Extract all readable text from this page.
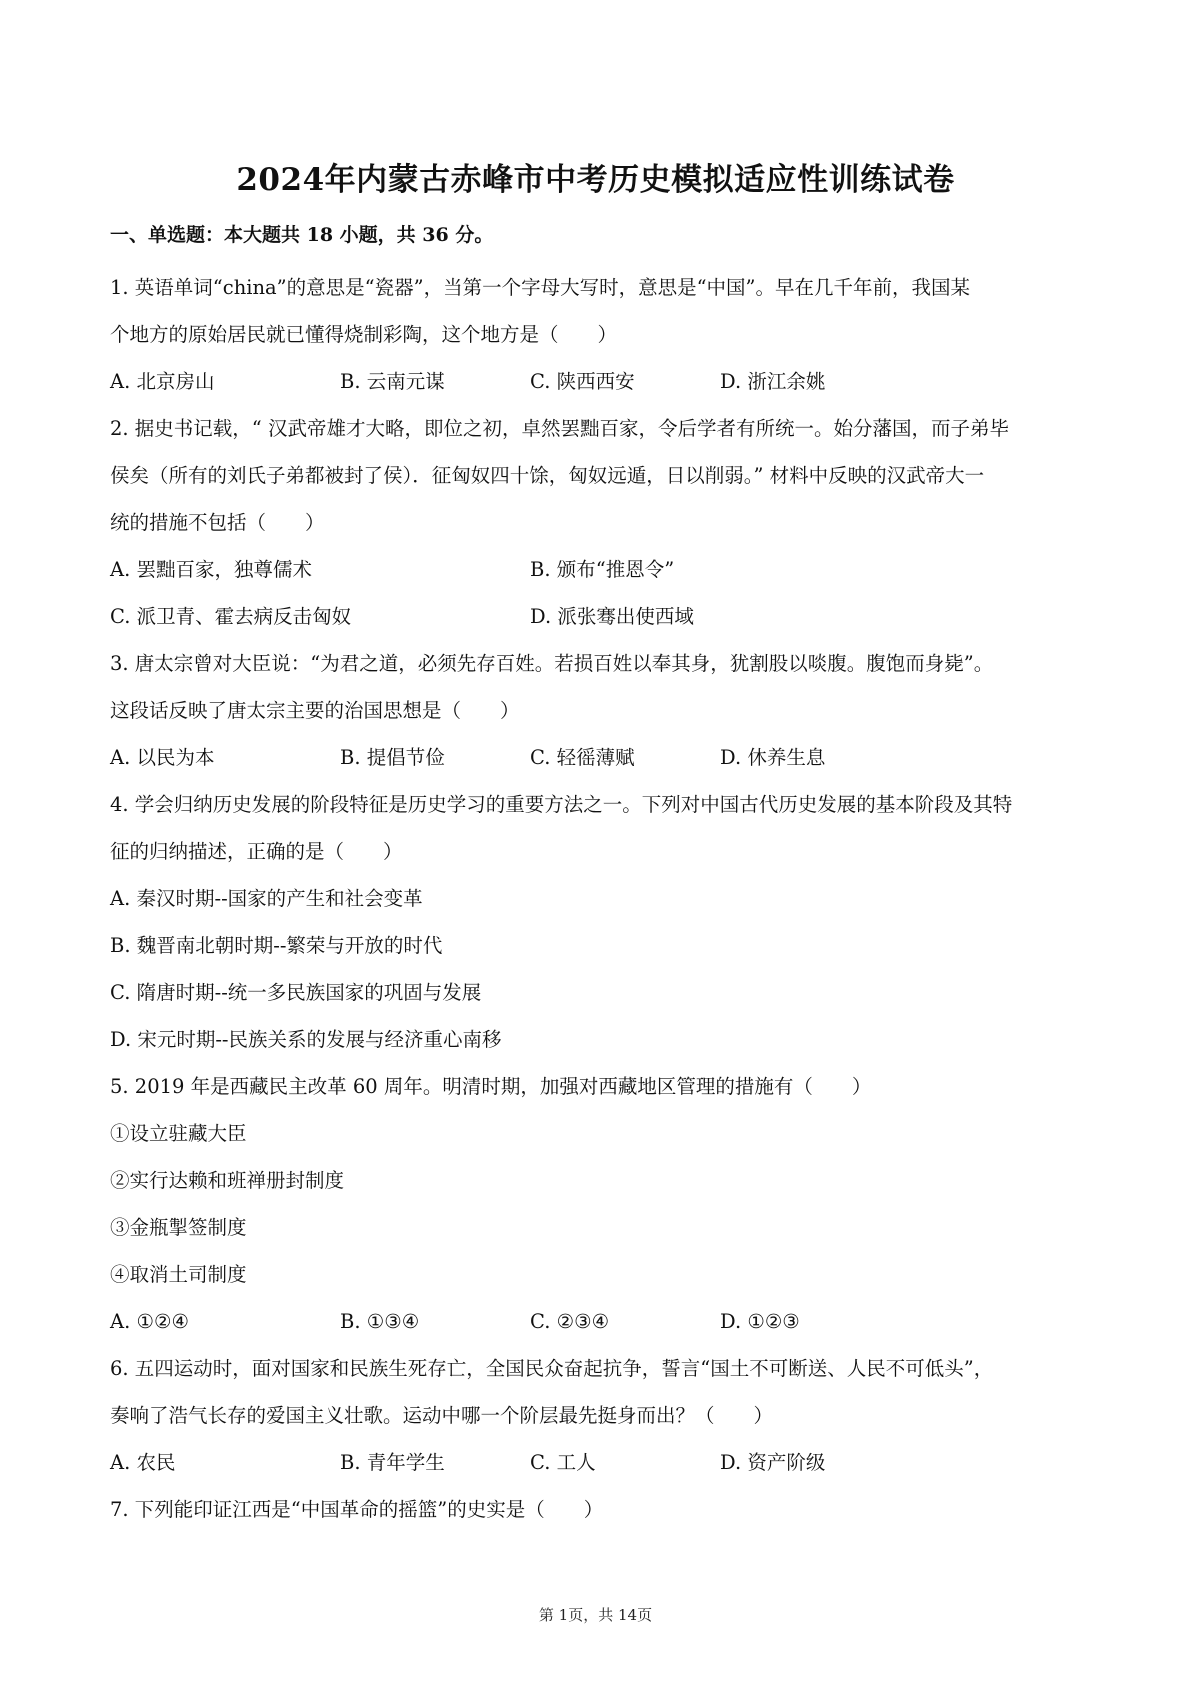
2024年内蒙古赤峰市中考历史模拟适应性训练试卷
一、单选题：本大题共 18 小题，共 36 分。
1. 英语单词“china”的意思是“瓷器”，当第一个字母大写时，意思是“中国”。早在几千年前，我国某
个地方的原始居民就已懂得烧制彩陶，这个地方是（　　）
A. 北京房山	B. 云南元谋	C. 陕西西安	D. 浙江余姚
2. 据史书记载，“ 汉武帝雄才大略，即位之初，卓然罢黜百家，令后学者有所统一。始分藩国，而子弟毕
侯矣（所有的刘氏子弟都被封了侯）．征匈奴四十馀，匈奴远遁，日以削弱。” 材料中反映的汉武帝大一
统的措施不包括（　　）
A. 罢黜百家，独尊儒术	B. 颁布“推恩令”
C. 派卫青、霍去病反击匈奴	D. 派张骞出使西域
3. 唐太宗曾对大臣说：“为君之道，必须先存百姓。若损百姓以奉其身，犹割股以啖腹。腹饱而身毙”。
这段话反映了唐太宗主要的治国思想是（　　）
A. 以民为本	B. 提倡节俭	C. 轻徭薄赋	D. 休养生息
4. 学会归纳历史发展的阶段特征是历史学习的重要方法之一。下列对中国古代历史发展的基本阶段及其特
征的归纳描述，正确的是（　　）
A. 秦汉时期--国家的产生和社会变革
B. 魏晋南北朝时期--繁荣与开放的时代
C. 隋唐时期--统一多民族国家的巩固与发展
D. 宋元时期--民族关系的发展与经济重心南移
5. 2019 年是西藏民主改革 60 周年。明清时期，加强对西藏地区管理的措施有（　　）
①设立驻藏大臣
②实行达赖和班禅册封制度
③金瓶掣签制度
④取消土司制度
A. ①②④	B. ①③④	C. ②③④	D. ①②③
6. 五四运动时，面对国家和民族生死存亡，全国民众奋起抗争，誓言“国土不可断送、人民不可低头”，
奏响了浩气长存的爱国主义壮歌。运动中哪一个阶层最先挺身而出？（　　）
A. 农民	B. 青年学生	C. 工人	D. 资产阶级
7. 下列能印证江西是“中国革命的摇篮”的史实是（　　）
第 1页，共 14页
